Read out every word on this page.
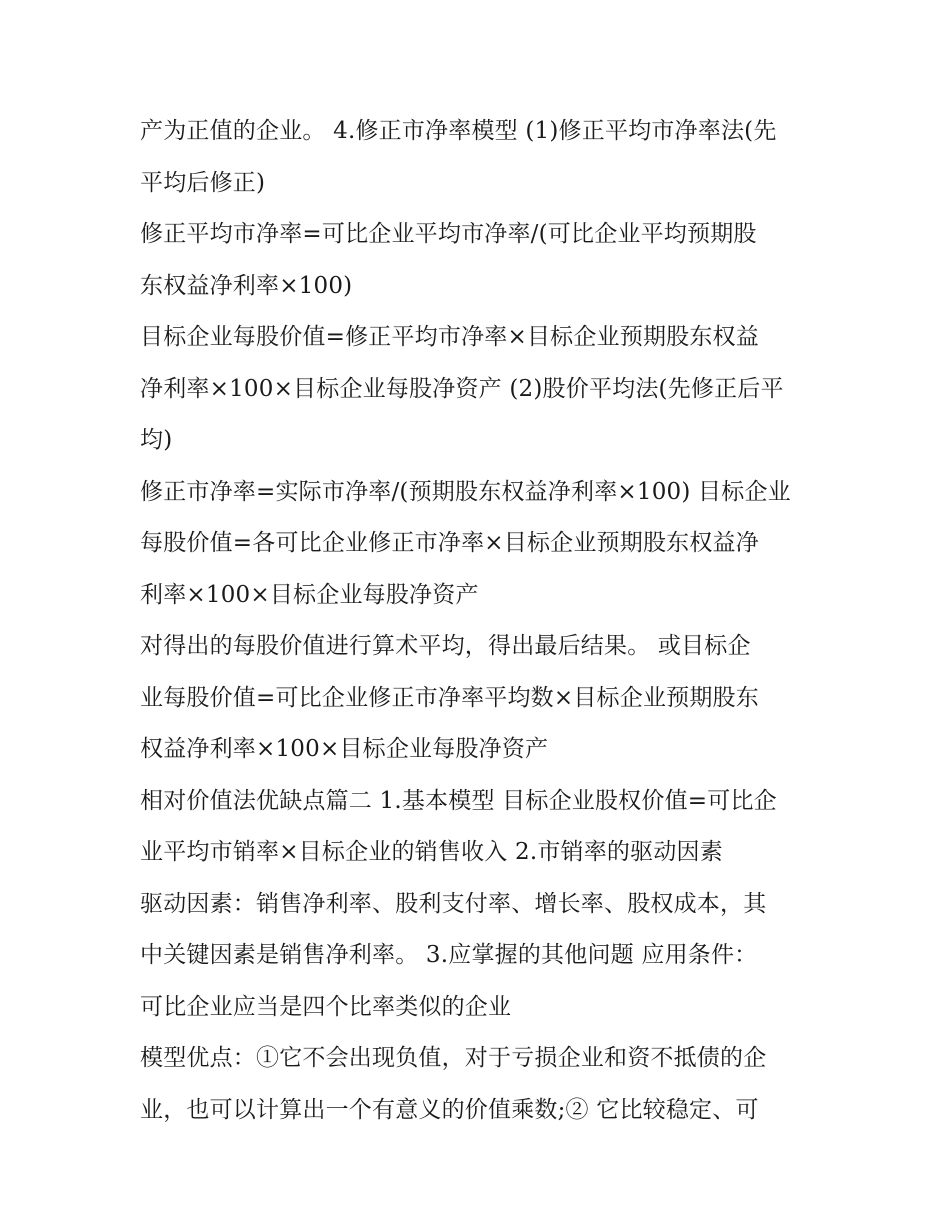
产为正值的企业。 4.修正市净率模型 (1)修正平均市净率法(先
平均后修正)
修正平均市净率=可比企业平均市净率/(可比企业平均预期股
东权益净利率×100)
目标企业每股价值=修正平均市净率×目标企业预期股东权益
净利率×100×目标企业每股净资产 (2)股价平均法(先修正后平
均)
修正市净率=实际市净率/(预期股东权益净利率×100) 目标企业
每股价值=各可比企业修正市净率×目标企业预期股东权益净
利率×100×目标企业每股净资产
对得出的每股价值进行算术平均，得出最后结果。 或目标企
业每股价值=可比企业修正市净率平均数×目标企业预期股东
权益净利率×100×目标企业每股净资产
相对价值法优缺点篇二 1.基本模型 目标企业股权价值=可比企
业平均市销率×目标企业的销售收入 2.市销率的驱动因素
驱动因素：销售净利率、股利支付率、增长率、股权成本，其
中关键因素是销售净利率。 3.应掌握的其他问题 应用条件：
可比企业应当是四个比率类似的企业
模型优点：①它不会出现负值，对于亏损企业和资不抵债的企
业，也可以计算出一个有意义的价值乘数;② 它比较稳定、可
